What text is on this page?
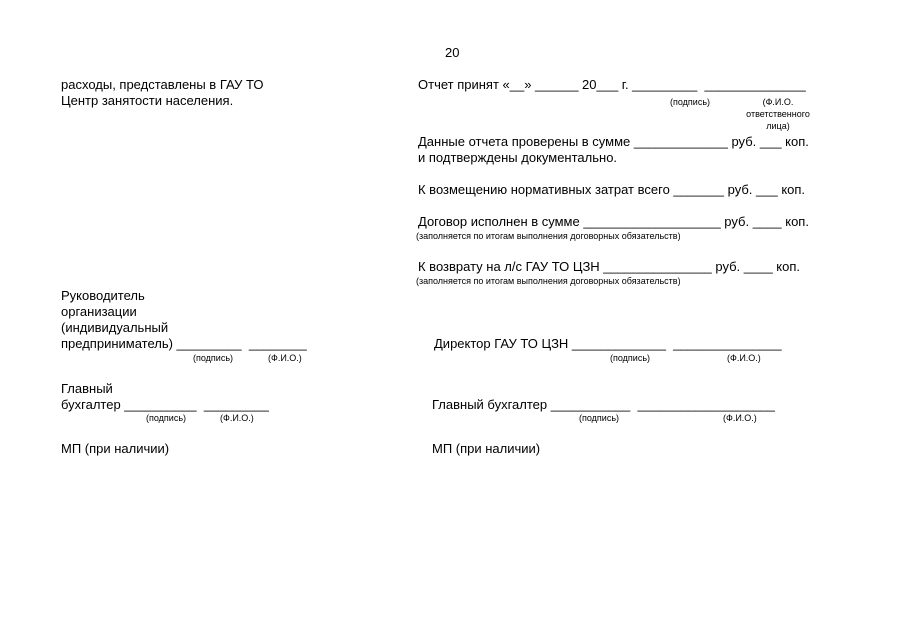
20
расходы, представлены в ГАУ ТО
Центр занятости населения.
Руководитель
организации
(индивидуальный
предприниматель) _________  ________
(подпись)	(Ф.И.О.)
Главный
бухгалтер __________  _________
(подпись)	(Ф.И.О.)
МП (при наличии)
Отчет принят «__» ______ 20___ г. _________  ______________
(подпись)	(Ф.И.О.
ответственного
лица)
Данные отчета проверены в сумме _____________ руб. ___ коп.
и подтверждены документально.
К возмещению нормативных затрат всего _______ руб. ___ коп.
Договор исполнен в сумме ___________________ руб. ____ коп.
(заполняется по итогам выполнения договорных обязательств)
К возврату на л/с ГАУ ТО ЦЗН _______________ руб. ____ коп.
(заполняется по итогам выполнения договорных обязательств)
Директор ГАУ ТО ЦЗН _____________  _______________
(подпись)	(Ф.И.О.)
Главный бухгалтер ___________  ___________________
(подпись)	(Ф.И.О.)
МП (при наличии)
